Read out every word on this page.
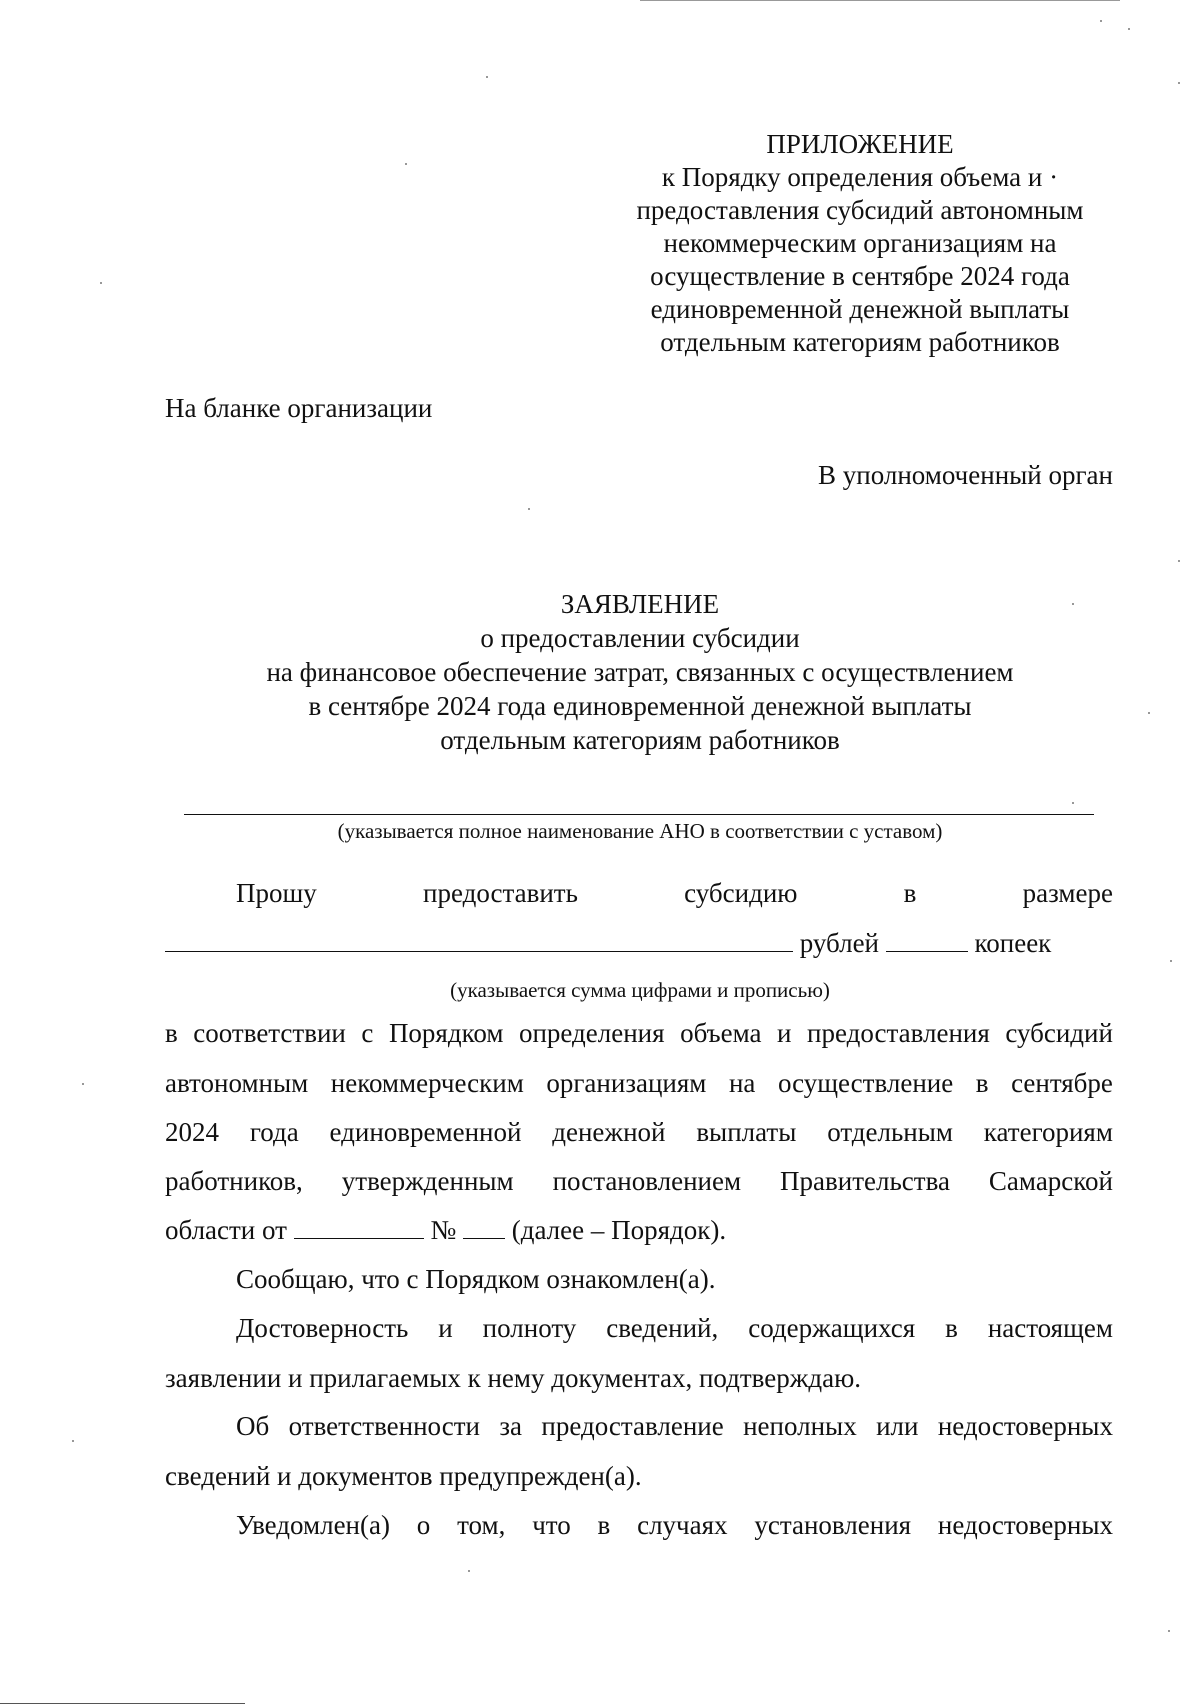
ПРИЛОЖЕНИЕ
к Порядку определения объема и ·
предоставления субсидий автономным
некоммерческим организациям на
осуществление в сентябре 2024 года
единовременной денежной выплаты
отдельным категориям работников
На бланке организации
В уполномоченный орган
ЗАЯВЛЕНИЕ
о предоставлении субсидии
на финансовое обеспечение затрат, связанных с осуществлением
в сентябре 2024 года единовременной денежной выплаты
отдельным категориям работников
(указывается полное наименование АНО в соответствии с уставом)
Прошу	предоставить	субсидию	в	размере
рублей	копеек
(указывается сумма цифрами и прописью)
в соответствии с Порядком определения объема и предоставления субсидий
автономным некоммерческим организациям на осуществление в сентябре
2024 года единовременной денежной выплаты отдельным категориям
работников, утвержденным постановлением Правительства Самарской
области от	№ (далее – Порядок).
Сообщаю, что с Порядком ознакомлен(а).
Достоверность и полноту сведений, содержащихся в настоящем
заявлении и прилагаемых к нему документах, подтверждаю.
Об ответственности за предоставление неполных или недостоверных
сведений и документов предупрежден(а).
Уведомлен(а) о том, что в случаях установления недостоверных
